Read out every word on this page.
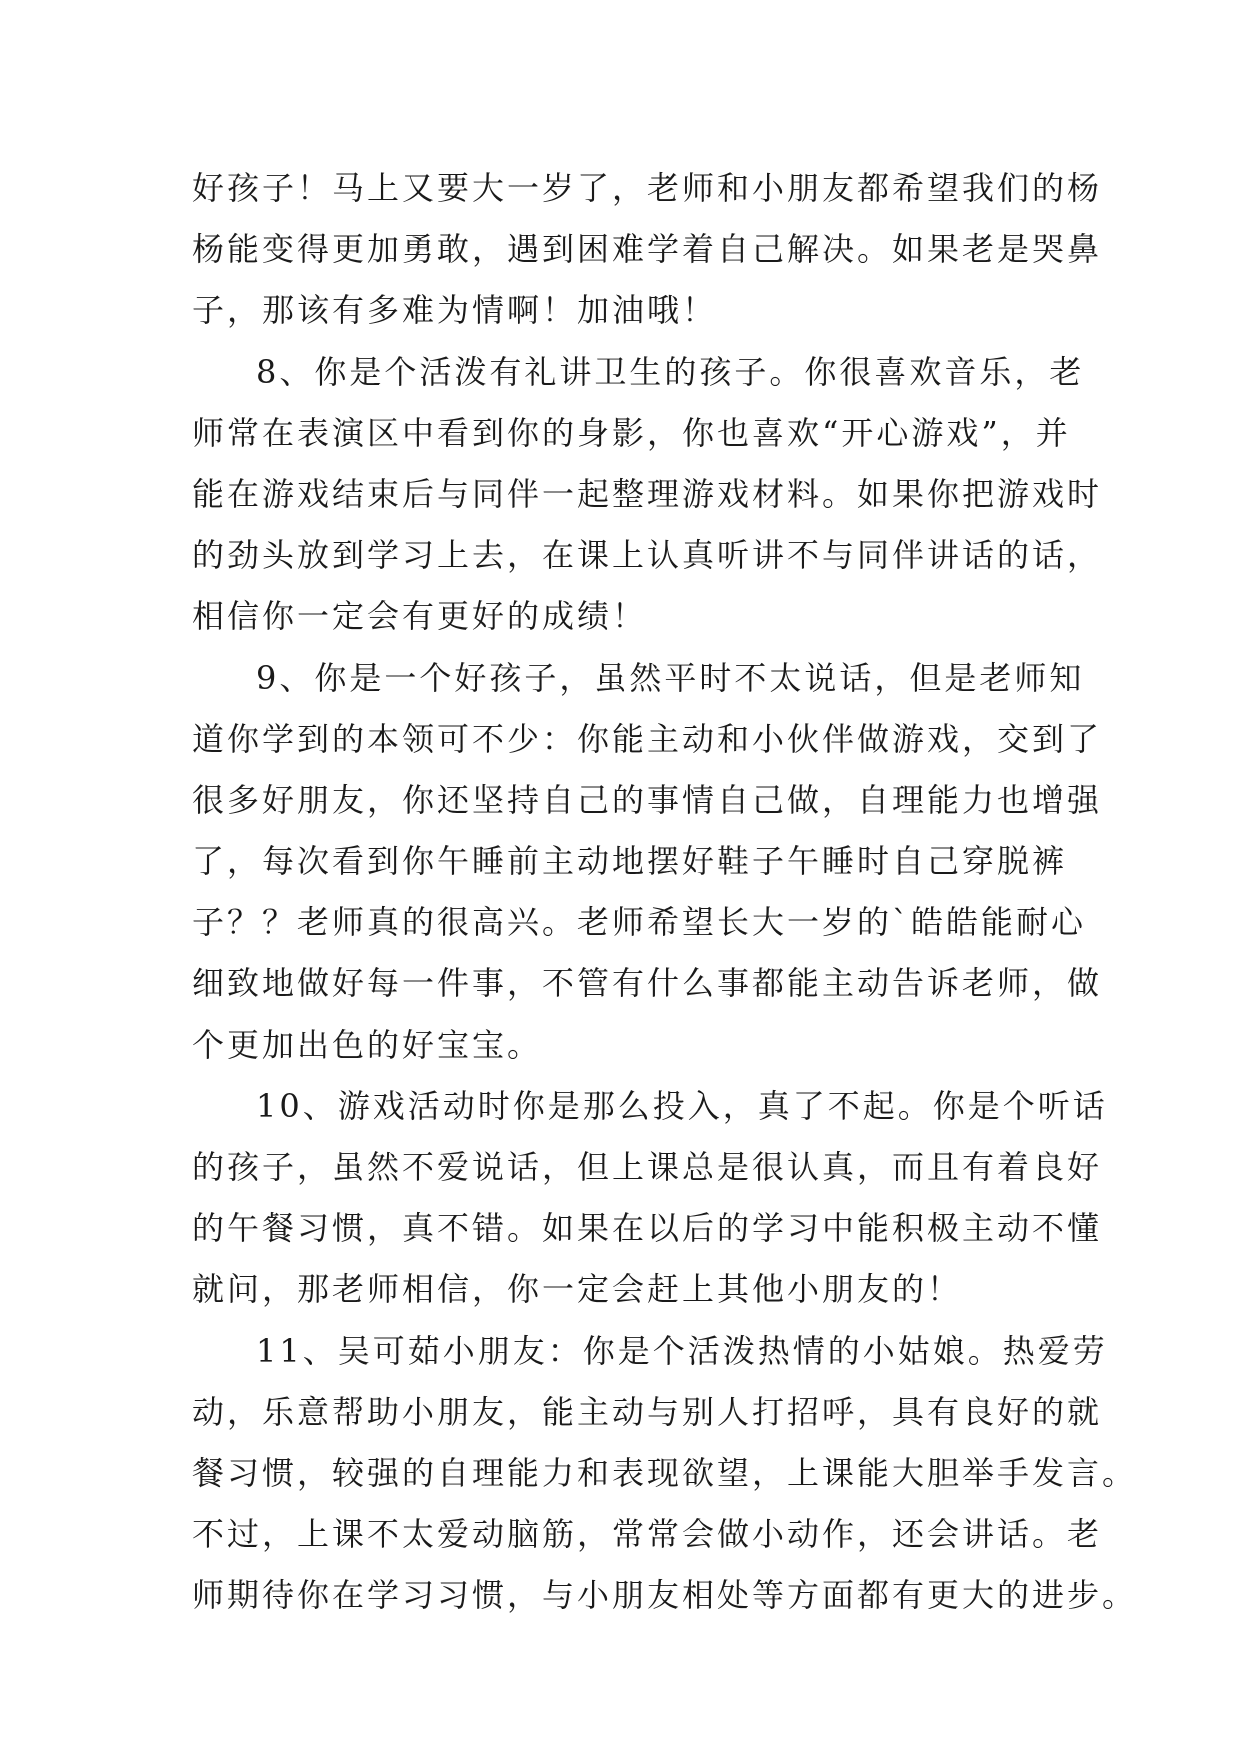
好孩子！马上又要大一岁了，老师和小朋友都希望我们的杨
杨能变得更加勇敢，遇到困难学着自己解决。如果老是哭鼻
子，那该有多难为情啊！加油哦！
8、你是个活泼有礼讲卫生的孩子。你很喜欢音乐，老
师常在表演区中看到你的身影，你也喜欢“开心游戏”，并
能在游戏结束后与同伴一起整理游戏材料。如果你把游戏时
的劲头放到学习上去，在课上认真听讲不与同伴讲话的话，
相信你一定会有更好的成绩！
9、你是一个好孩子，虽然平时不太说话，但是老师知
道你学到的本领可不少：你能主动和小伙伴做游戏，交到了
很多好朋友，你还坚持自己的事情自己做，自理能力也增强
了，每次看到你午睡前主动地摆好鞋子午睡时自己穿脱裤
子？？老师真的很高兴。老师希望长大一岁的`皓皓能耐心
细致地做好每一件事，不管有什么事都能主动告诉老师，做
个更加出色的好宝宝。
10、游戏活动时你是那么投入，真了不起。你是个听话
的孩子，虽然不爱说话，但上课总是很认真，而且有着良好
的午餐习惯，真不错。如果在以后的学习中能积极主动不懂
就问，那老师相信，你一定会赶上其他小朋友的！
11、吴可茹小朋友：你是个活泼热情的小姑娘。热爱劳
动，乐意帮助小朋友，能主动与别人打招呼，具有良好的就
餐习惯，较强的自理能力和表现欲望，上课能大胆举手发言。
不过，上课不太爱动脑筋，常常会做小动作，还会讲话。老
师期待你在学习习惯，与小朋友相处等方面都有更大的进步。
